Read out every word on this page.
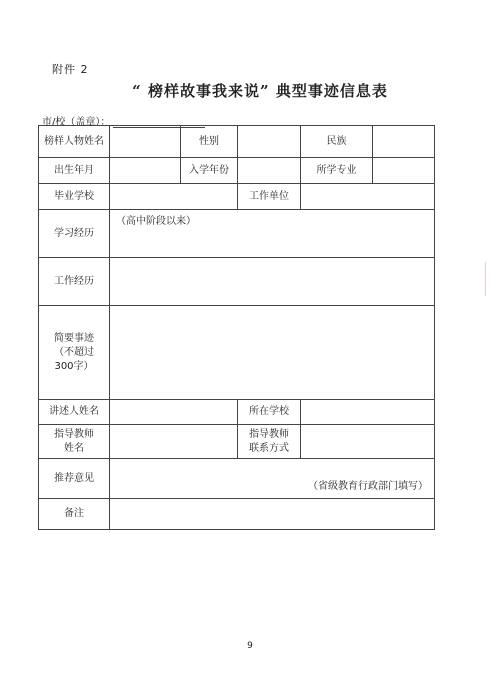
附件 2
“ 榜样故事我来说” 典型事迹信息表
市/校（盖章）：
榜样人物姓名		性别		民族	
出生年月		入学年份		所学专业	
毕业学校			工作单位		
学习经历	（高中阶段以来）				
工作经历					
简要事迹（不超过300字）					
讲述人姓名			所在学校		
指导教师姓名			指导教师联系方式		
推荐意见	（省级教育行政部门填写）				
备注					
9
